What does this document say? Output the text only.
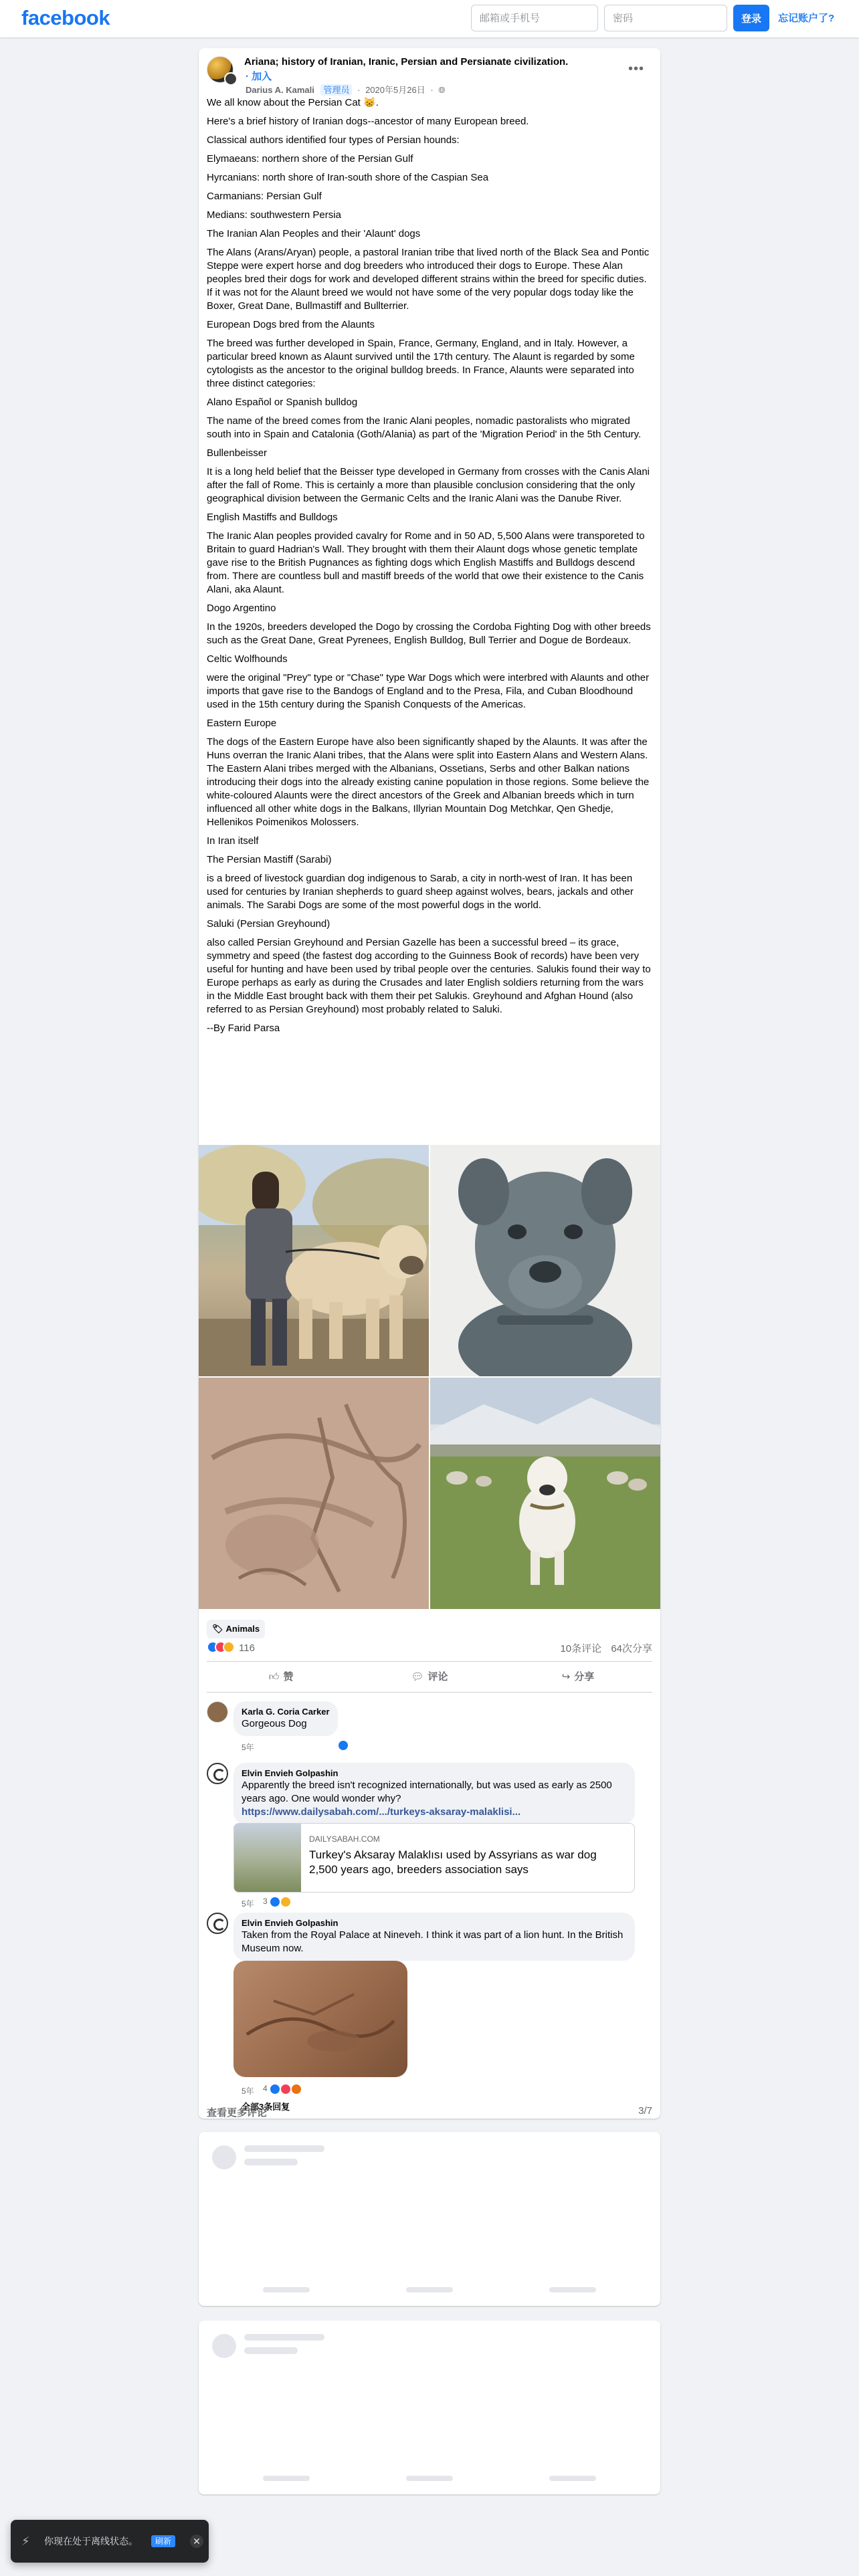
facebook
邮箱或手机号	登录	忘记账户了?
Ariana; history of Iranian, Iranic, Persian and Persianate civilization.
· 加入
Darius A. Kamali 管理员 · 2020年5月26日 · 🌐︎
•••

We all know about the Persian Cat 😸.

Here's a brief history of Iranian dogs--ancestor of many European breed.

Classical authors identified four types of Persian hounds:

Elymaeans: northern shore of the Persian Gulf

Hyrcanians: north shore of Iran-south shore of the Caspian Sea

Carmanians: Persian Gulf

Medians: southwestern Persia

The Iranian Alan Peoples and their 'Alaunt' dogs

The Alans (Arans/Aryan) people, a pastoral Iranian tribe that lived north of the Black Sea and Pontic Steppe were expert horse and dog breeders who introduced their dogs to Europe. These Alan peoples bred their dogs for work and developed different strains within the breed for specific duties. If it was not for the Alaunt breed we would not have some of the very popular dogs today like the Boxer, Great Dane, Bullmastiff and Bullterrier.

European Dogs bred from the Alaunts

The breed was further developed in Spain, France, Germany, England, and in Italy. However, a particular breed known as Alaunt survived until the 17th century. The Alaunt is regarded by some cytologists as the ancestor to the original bulldog breeds. In France, Alaunts were separated into three distinct categories:

Alano Español or Spanish bulldog

The name of the breed comes from the Iranic Alani peoples, nomadic pastoralists who migrated south into in Spain and Catalonia (Goth/Alania) as part of the 'Migration Period' in the 5th Century.

Bullenbeisser

It is a long held belief that the Beisser type developed in Germany from crosses with the Canis Alani after the fall of Rome. This is certainly a more than plausible conclusion considering that the only geographical division between the Germanic Celts and the Iranic Alani was the Danube River.

English Mastiffs and Bulldogs

The Iranic Alan peoples provided cavalry for Rome and in 50 AD, 5,500 Alans were transporeted to Britain to guard Hadrian's Wall. They brought with them their Alaunt dogs whose genetic template gave rise to the British Pugnances as fighting dogs which English Mastiffs and Bulldogs descend from. There are countless bull and mastiff breeds of the world that owe their existence to the Canis Alani, aka Alaunt.

Dogo Argentino

In the 1920s, breeders developed the Dogo by crossing the Cordoba Fighting Dog with other breeds such as the Great Dane, Great Pyrenees, English Bulldog, Bull Terrier and Dogue de Bordeaux.

Celtic Wolfhounds

were the original "Prey" type or "Chase" type War Dogs which were interbred with Alaunts and other imports that gave rise to the Bandogs of England and to the Presa, Fila, and Cuban Bloodhound used in the 15th century during the Spanish Conquests of the Americas.

Eastern Europe

The dogs of the Eastern Europe have also been significantly shaped by the Alaunts. It was after the Huns overran the Iranic Alani tribes, that the Alans were split into Eastern Alans and Western Alans. The Eastern Alani tribes merged with the Albanians, Ossetians, Serbs and other Balkan nations introducing their dogs into the already existing canine population in those regions. Some believe the white-coloured Alaunts were the direct ancestors of the Greek and Albanian breeds which in turn influenced all other white dogs in the Balkans, Illyrian Mountain Dog Metchkar, Qen Ghedje, Hellenikos Poimenikos Molossers.

In Iran itself

The Persian Mastiff (Sarabi)

is a breed of livestock guardian dog indigenous to Sarab, a city in north-west of Iran. It has been used for centuries by Iranian shepherds to guard sheep against wolves, bears, jackals and other animals. The Sarabi Dogs are some of the most powerful dogs in the world.

Saluki (Persian Greyhound)

also called Persian Greyhound and Persian Gazelle has been a successful breed – its grace, symmetry and speed (the fastest dog according to the Guinness Book of records) have been very useful for hunting and have been used by tribal people over the centuries. Salukis found their way to Europe perhaps as early as during the Crusades and later English soldiers returning from the wars in the Middle East brought back with them their pet Salukis. Greyhound and Afghan Hound (also referred to as Persian Greyhound) most probably related to Saluki.

--By Farid Parsa

🏷︎ Animals
116	10条评论 64次分享
👍︎ 赞	💬︎ 评论	↪ 分享
Karla G. Coria Carker
Gorgeous Dog
5年
Elvin Envieh Golpashin
Apparently the breed isn't recognized internationally, but was used as early as 2500 years ago. One would wonder why?
https://www.dailysabah.com/.../turkeys-aksaray-malaklisi...
DAILYSABAH.COM
Turkey's Aksaray Malaklısı used by Assyrians as war dog 2,500 years ago, breeders association says
5年 3
Elvin Envieh Golpashin
Taken from the Royal Palace at Nineveh. I think it was part of a lion hunt. In the British Museum now.
5年 4
全部3条回复
查看更多评论	3/7
⚡︎	你现在处于离线状态。	刷新	✕
